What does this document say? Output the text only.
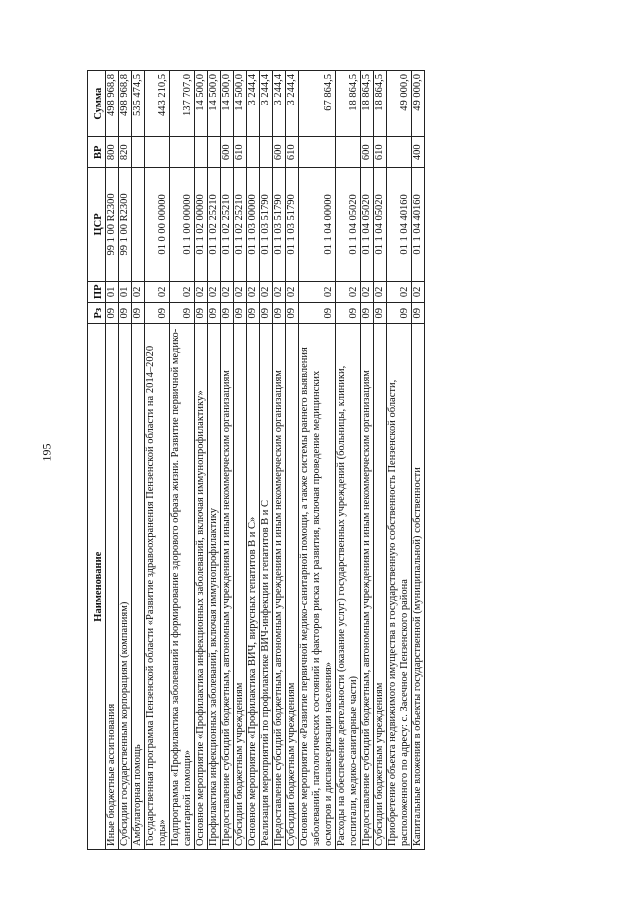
195
Наименование	Рз	ПР	ЦСР	ВР	Сумма
Иные бюджетные ассигнования	09	01	99 1 00 R2300	800	498 968,8
Субсидии государственным корпорациям (компаниям)	09	01	99 1 00 R2300	820	498 968,8
Амбулаторная помощь	09	02			535 474,5
Государственная программа Пензенской области «Развитие здравоохранения Пензенской области на 2014–2020 годы»	09	02	01 0 00 00000		443 210,5
Подпрограмма «Профилактика заболеваний и формирование здорового образа жизни. Развитие первичной медико-санитарной помощи»	09	02	01 1 00 00000		137 707,0
Основное мероприятие «Профилактика инфекционных заболеваний, включая иммунопрофилактику»	09	02	01 1 02 00000		14 500,0
Профилактика инфекционных заболеваний, включая иммунопрофилактику	09	02	01 1 02 25210		14 500,0
Предоставление субсидий бюджетным, автономным учреждениям и иным некоммерческим организациям	09	02	01 1 02 25210	600	14 500,0
Субсидии бюджетным учреждениям	09	02	01 1 02 25210	610	14 500,0
Основное мероприятие «Профилактика ВИЧ, вирусных гепатитов В и С»	09	02	01 1 03 00000		3 244,4
Реализация мероприятий по профилактике ВИЧ-инфекции и гепатитов В и С	09	02	01 1 03 51790		3 244,4
Предоставление субсидий бюджетным, автономным учреждениям и иным некоммерческим организациям	09	02	01 1 03 51790	600	3 244,4
Субсидии бюджетным учреждениям	09	02	01 1 03 51790	610	3 244,4
Основное мероприятие «Развитие первичной медико-санитарной помощи, а также системы раннего выявления заболеваний, патологических состояний и факторов риска их развития, включая проведение медицинских осмотров и диспансеризации населения»	09	02	01 1 04 00000		67 864,5
Расходы на обеспечение деятельности (оказание услуг) государственных учреждений (больницы, клиники, госпитали, медико-санитарные части)	09	02	01 1 04 05020		18 864,5
Предоставление субсидий бюджетным, автономным учреждениям и иным некоммерческим организациям	09	02	01 1 04 05020	600	18 864,5
Субсидии бюджетным учреждениям	09	02	01 1 04 05020	610	18 864,5
Приобретение объекта недвижимого имущества в государственную собственность Пензенской области, расположенного по адресу: с. Засечное Пензенского района	09	02	01 1 04 40160		49 000,0
Капитальные вложения в объекты государственной (муниципальной) собственности	09	02	01 1 04 40160	400	49 000,0
